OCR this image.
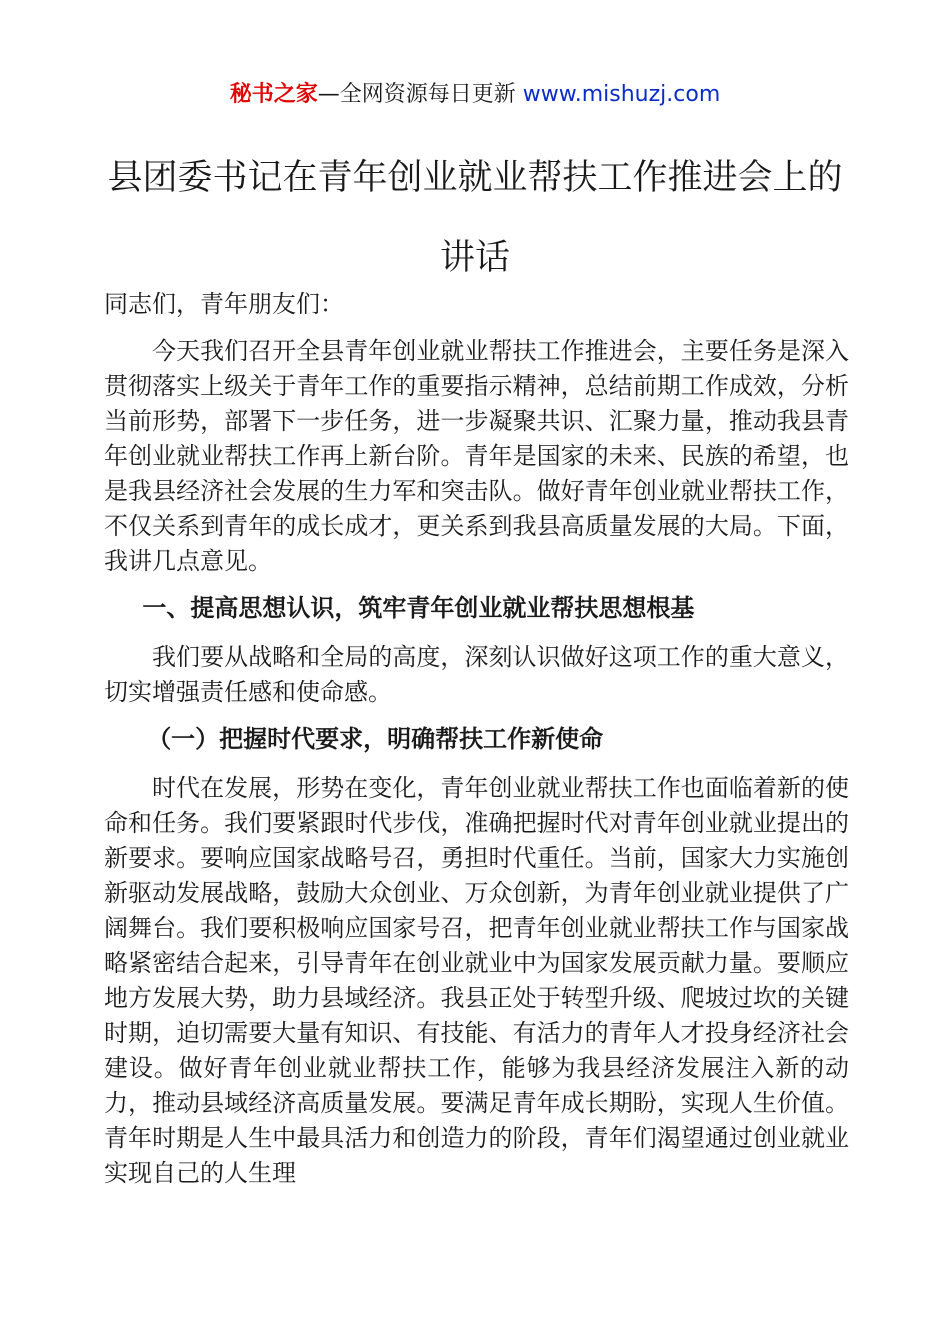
秘书之家—全网资源每日更新 www.mishuzj.com
县团委书记在青年创业就业帮扶工作推进会上的讲话

同志们，青年朋友们：

今天我们召开全县青年创业就业帮扶工作推进会，主要任务是深入贯彻落实上级关于青年工作的重要指示精神，总结前期工作成效，分析当前形势，部署下一步任务，进一步凝聚共识、汇聚力量，推动我县青年创业就业帮扶工作再上新台阶。青年是国家的未来、民族的希望，也是我县经济社会发展的生力军和突击队。做好青年创业就业帮扶工作，不仅关系到青年的成长成才，更关系到我县高质量发展的大局。下面，我讲几点意见。

一、提高思想认识，筑牢青年创业就业帮扶思想根基

我们要从战略和全局的高度，深刻认识做好这项工作的重大意义，切实增强责任感和使命感。

（一）把握时代要求，明确帮扶工作新使命

时代在发展，形势在变化，青年创业就业帮扶工作也面临着新的使命和任务。我们要紧跟时代步伐，准确把握时代对青年创业就业提出的新要求。要响应国家战略号召，勇担时代重任。当前，国家大力实施创新驱动发展战略，鼓励大众创业、万众创新，为青年创业就业提供了广阔舞台。我们要积极响应国家号召，把青年创业就业帮扶工作与国家战略紧密结合起来，引导青年在创业就业中为国家发展贡献力量。要顺应地方发展大势，助力县域经济。我县正处于转型升级、爬坡过坎的关键时期，迫切需要大量有知识、有技能、有活力的青年人才投身经济社会建设。做好青年创业就业帮扶工作，能够为我县经济发展注入新的动力，推动县域经济高质量发展。要满足青年成长期盼，实现人生价值。青年时期是人生中最具活力和创造力的阶段，青年们渴望通过创业就业实现自己的人生理
